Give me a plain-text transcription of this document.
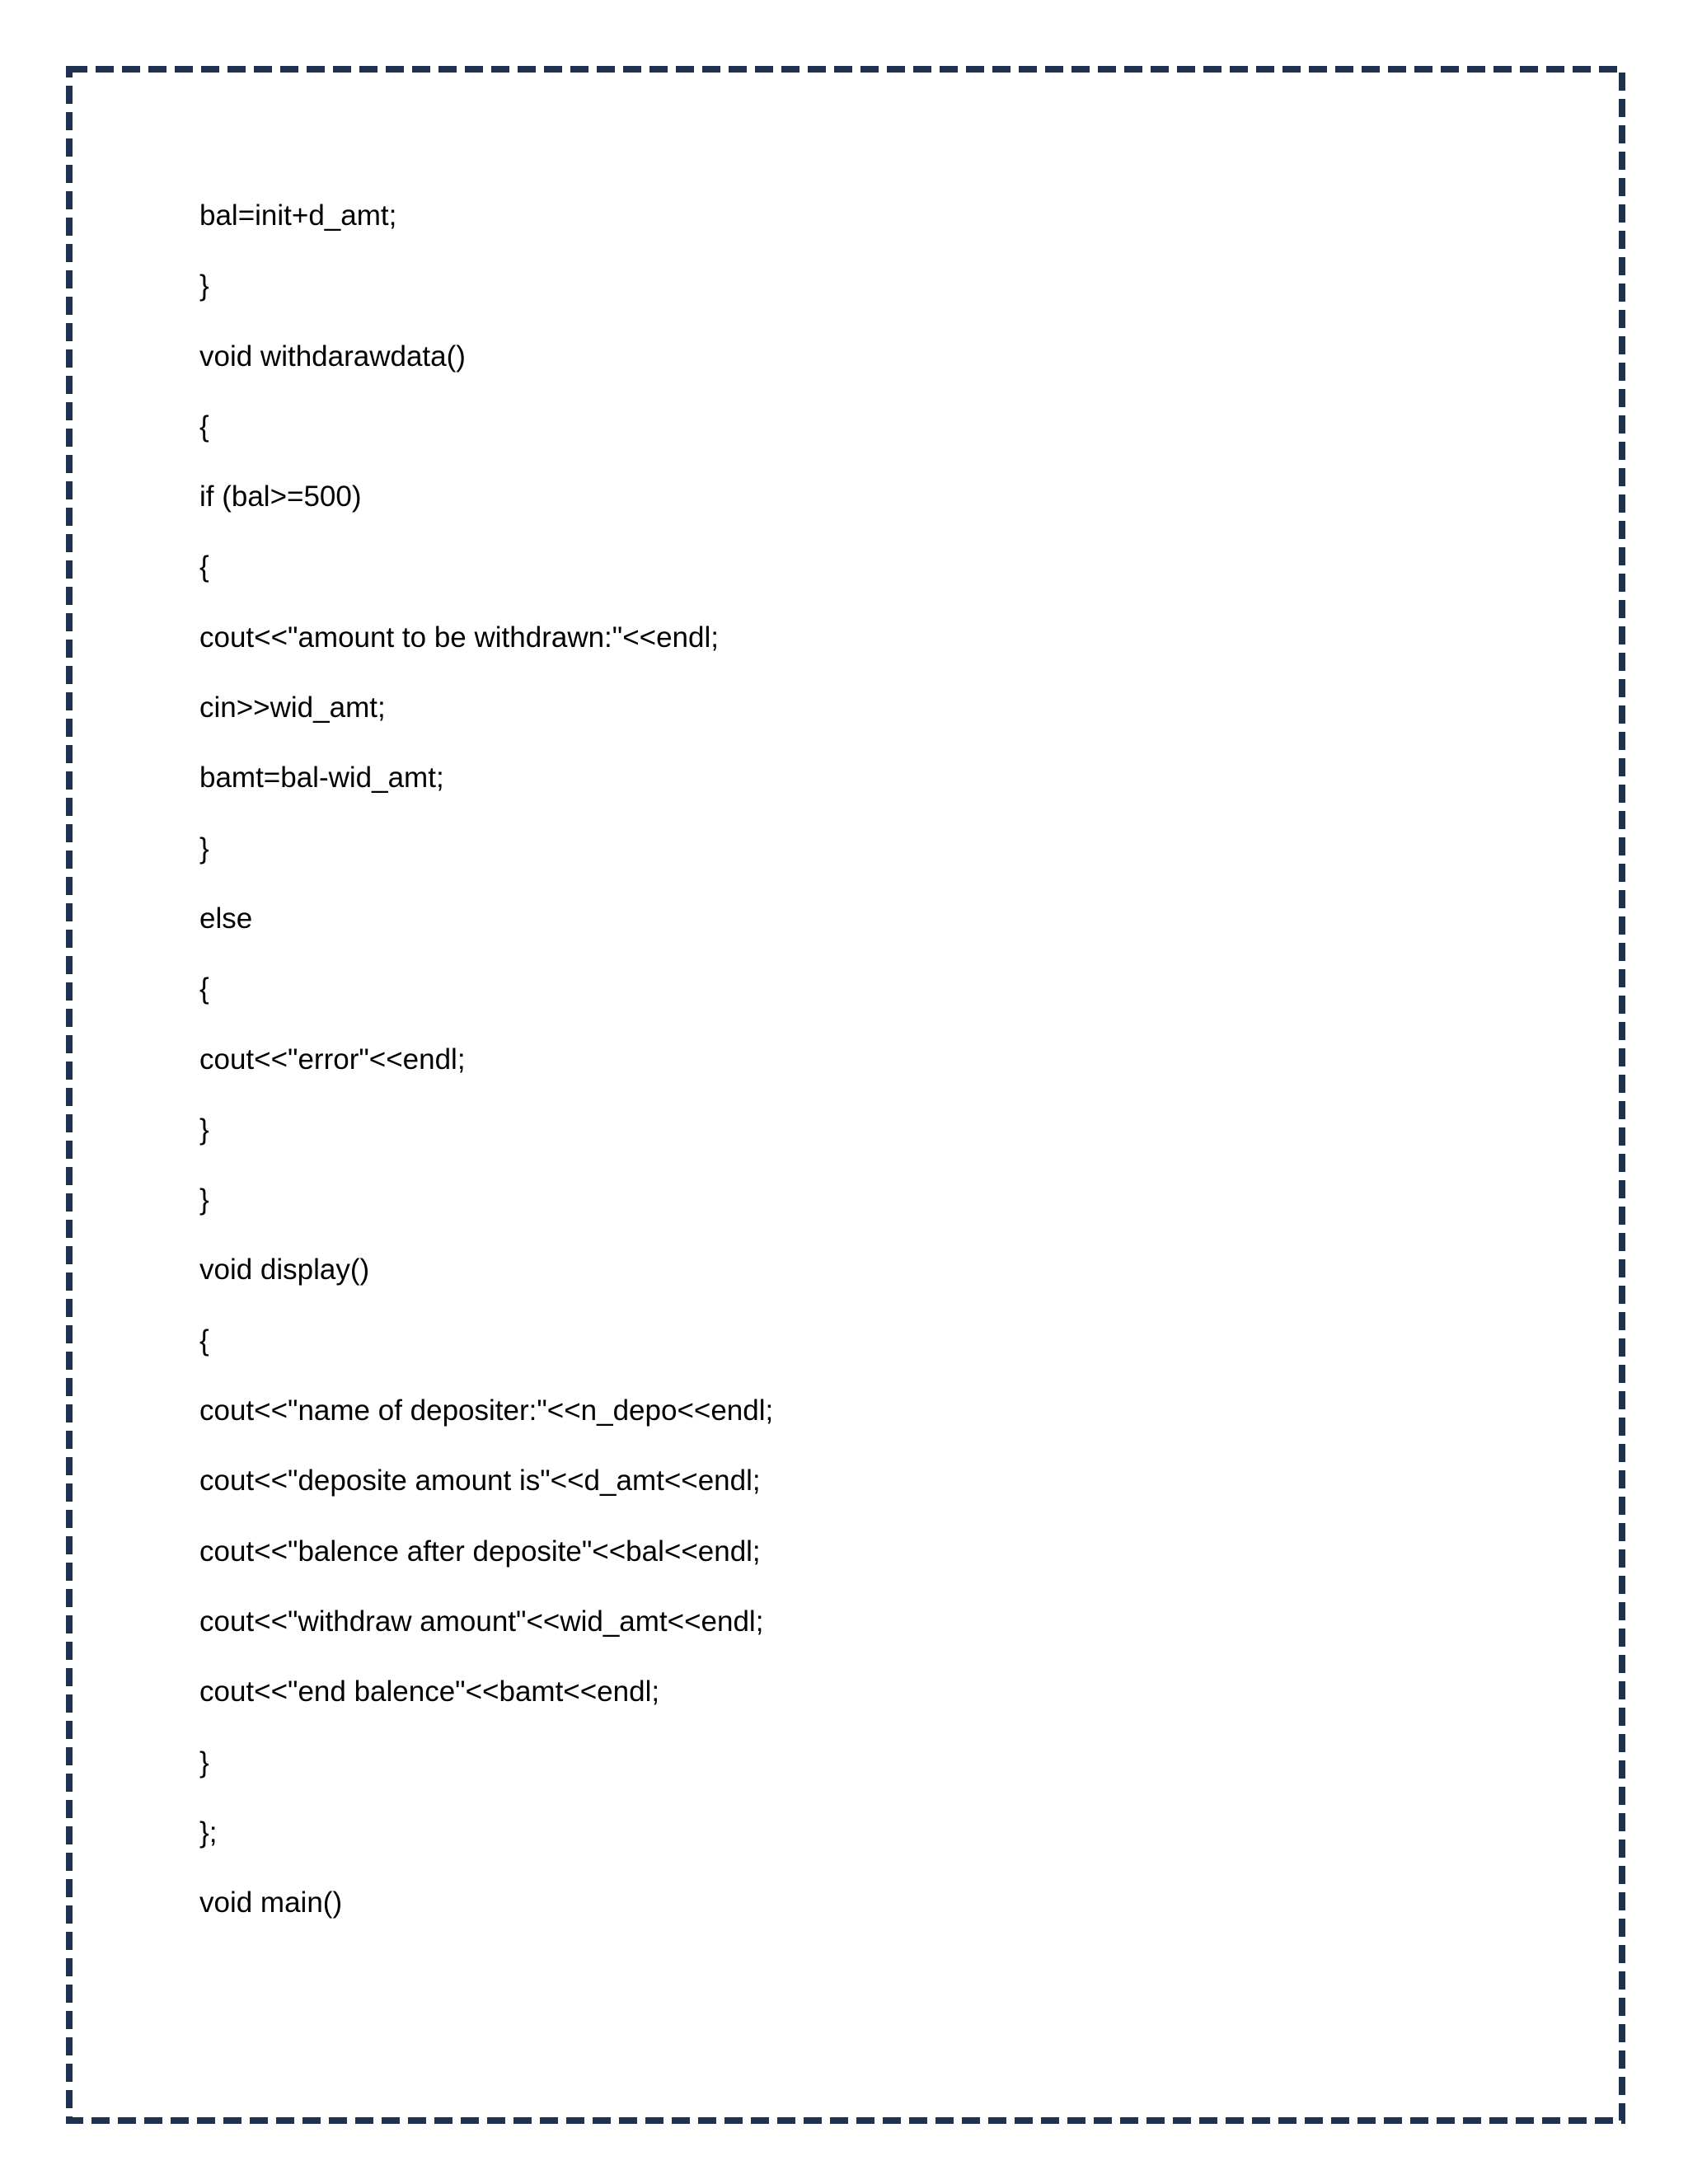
bal=init+d_amt;
}
void withdarawdata()
{
if (bal>=500)
{
cout<<"amount to be withdrawn:"<<endl;
cin>>wid_amt;
bamt=bal-wid_amt;
}
else
{
cout<<"error"<<endl;
}
}
void display()
{
cout<<"name of depositer:"<<n_depo<<endl;
cout<<"deposite amount is"<<d_amt<<endl;
cout<<"balence after deposite"<<bal<<endl;
cout<<"withdraw amount"<<wid_amt<<endl;
cout<<"end balence"<<bamt<<endl;
}
};
void main()
